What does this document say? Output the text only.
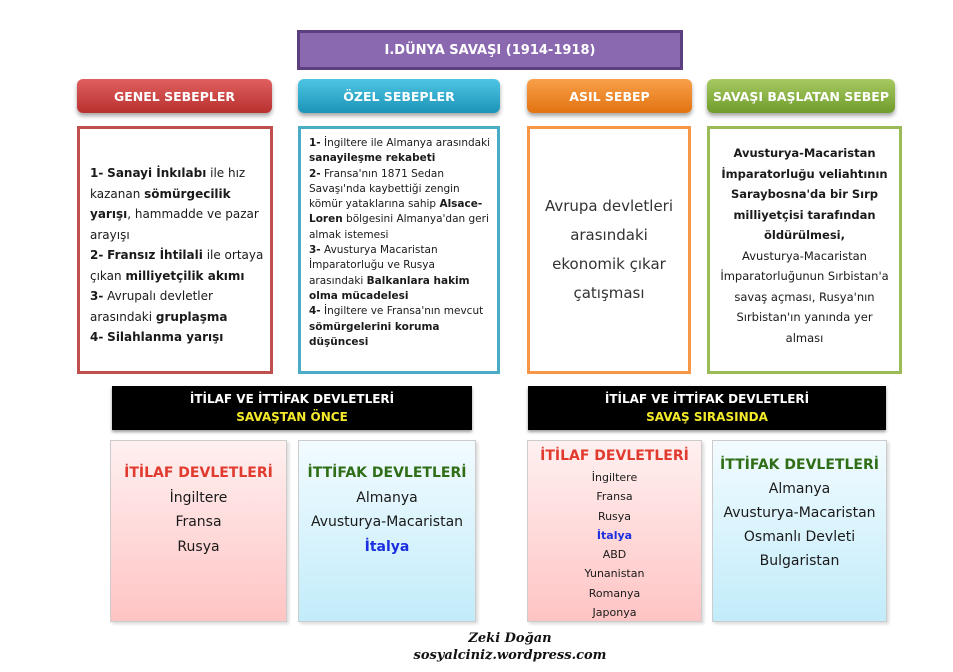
I.DÜNYA SAVAŞI (1914-1918)
GENEL SEBEPLER	ÖZEL SEBEPLER	ASIL SEBEP	SAVAŞI BAŞLATAN SEBEP
1- Sanayi İnkılabı ile hız kazanan sömürgecilik yarışı, hammadde ve pazar arayışı
2- Fransız İhtilali ile ortaya çıkan milliyetçilik akımı
3- Avrupalı devletler arasındaki gruplaşma
4- Silahlanma yarışı
1- İngiltere ile Almanya arasındaki sanayileşme rekabeti
2- Fransa'nın 1871 Sedan Savaşı'nda kaybettiği zengin kömür yataklarına sahip Alsace-Loren bölgesini Almanya'dan geri almak istemesi
3- Avusturya Macaristan İmparatorluğu ve Rusya arasındaki Balkanlara hakim olma mücadelesi
4- İngiltere ve Fransa'nın mevcut sömürgelerini koruma düşüncesi
Avrupa devletleri arasındaki ekonomik çıkar çatışması
Avusturya-Macaristan İmparatorluğu veliahtının Saraybosna'da bir Sırp milliyetçisi tarafından öldürülmesi,
Avusturya-Macaristan İmparatorluğunun Sırbistan'a savaş açması, Rusya'nın Sırbistan'ın yanında yer alması
İTİLAF VE İTTİFAK DEVLETLERİ
SAVAŞTAN ÖNCE
İTİLAF VE İTTİFAK DEVLETLERİ
SAVAŞ SIRASINDA
İTİLAF DEVLETLERİ
İngiltere
Fransa
Rusya
İTTİFAK DEVLETLERİ
Almanya
Avusturya-Macaristan
İtalya
İTİLAF DEVLETLERİ
İngiltere
Fransa
Rusya
İtalya
ABD
Yunanistan
Romanya
Japonya
İTTİFAK DEVLETLERİ
Almanya
Avusturya-Macaristan
Osmanlı Devleti
Bulgaristan
Zeki Doğan
sosyalciniz.wordpress.com
